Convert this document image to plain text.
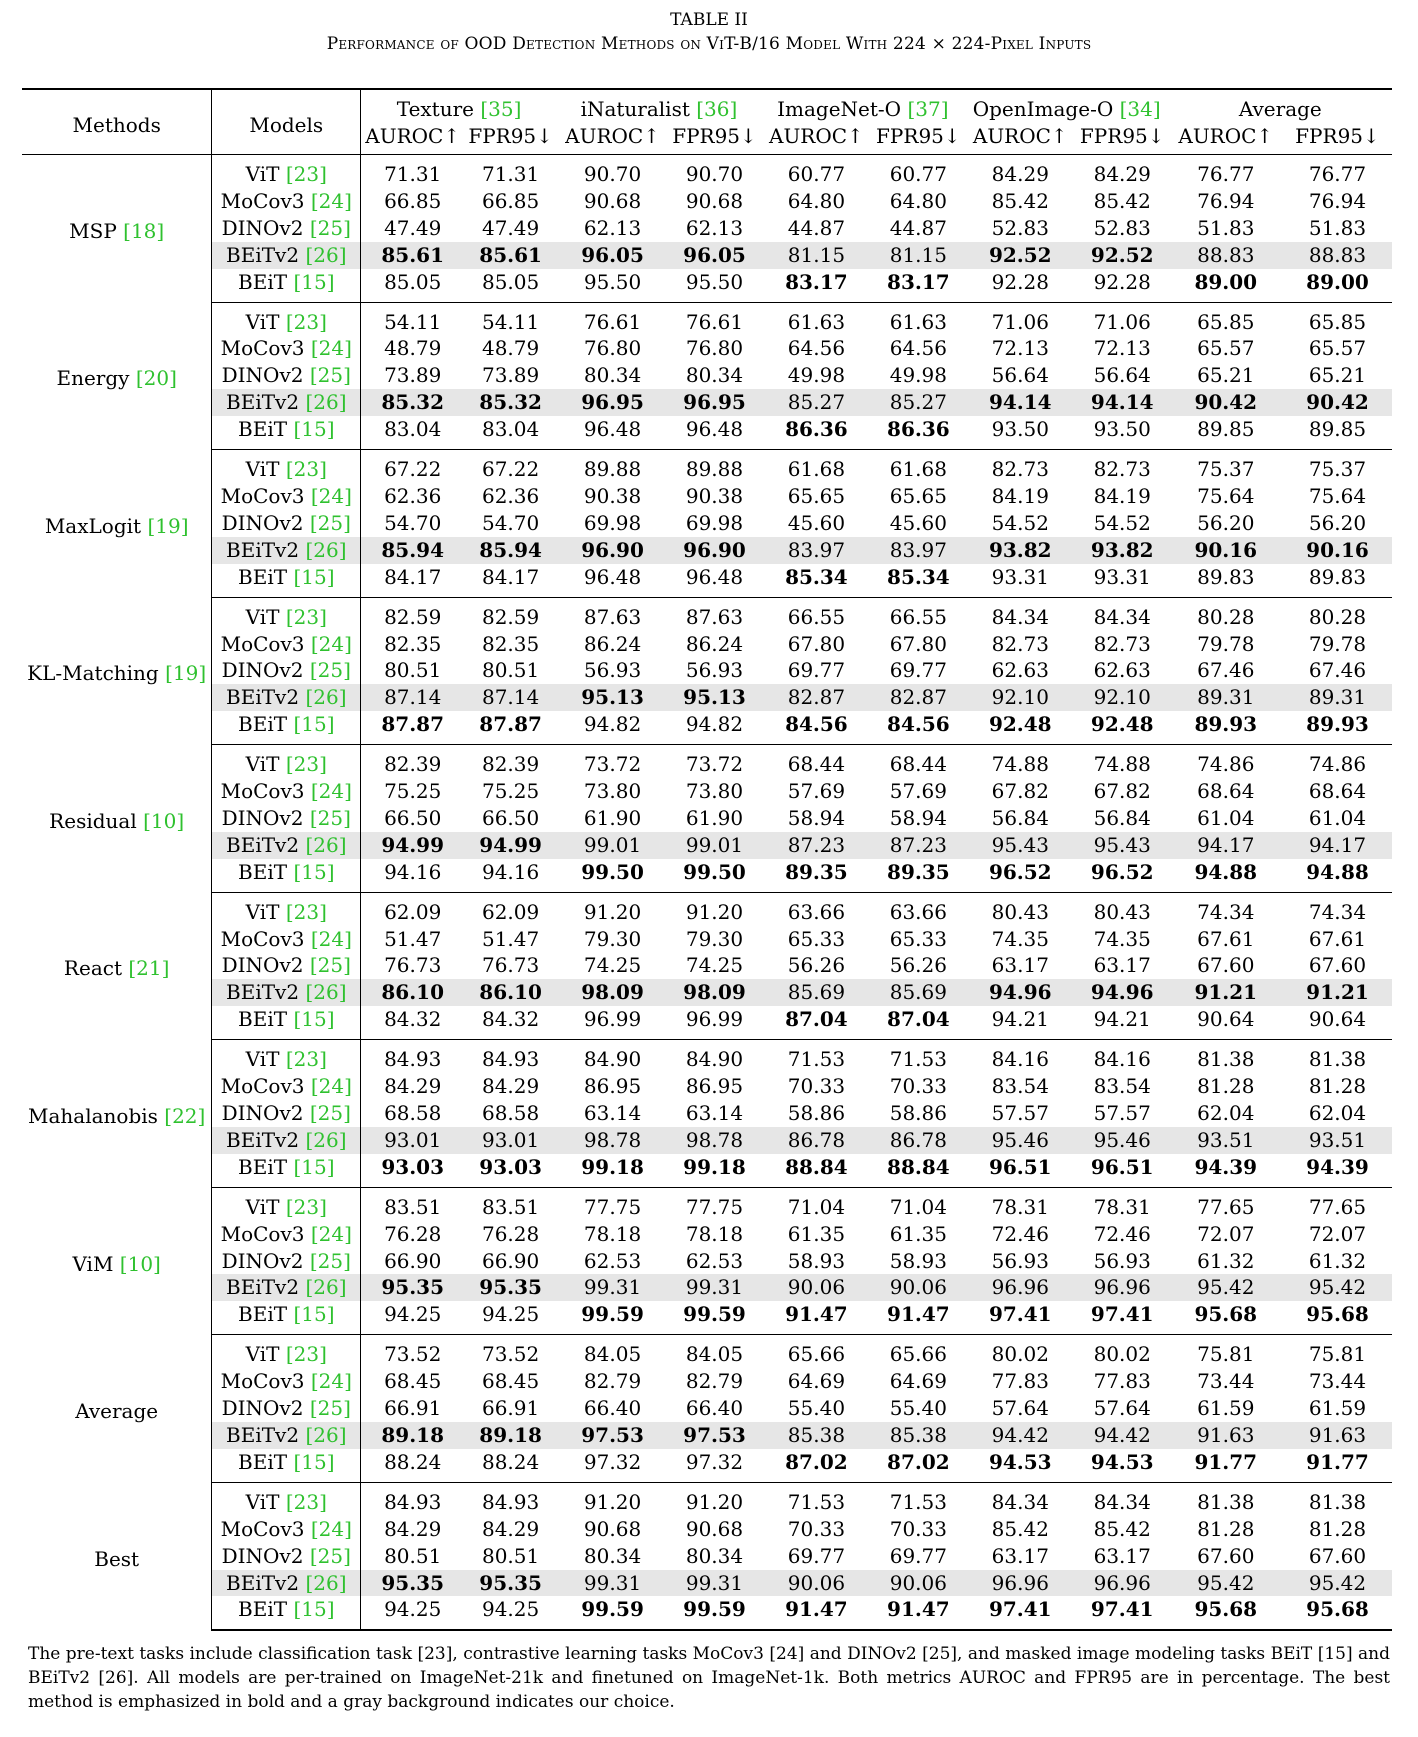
TABLE II
Performance of OOD Detection Methods on ViT-B/16 Model With 224 × 224-Pixel Inputs
Methods	Models	Texture [35]		iNaturalist [36]		ImageNet-O [37]		OpenImage-O [34]		Average	
		AUROC↑	FPR95↓	AUROC↑	FPR95↓	AUROC↑	FPR95↓	AUROC↑	FPR95↓	AUROC↑	FPR95↓
MSP [18]	ViT [23]	71.31	71.31	90.70	90.70	60.77	60.77	84.29	84.29	76.77	76.77
	MoCov3 [24]	66.85	66.85	90.68	90.68	64.80	64.80	85.42	85.42	76.94	76.94
	DINOv2 [25]	47.49	47.49	62.13	62.13	44.87	44.87	52.83	52.83	51.83	51.83
	BEiTv2 [26]	85.61	85.61	96.05	96.05	81.15	81.15	92.52	92.52	88.83	88.83
	BEiT [15]	85.05	85.05	95.50	95.50	83.17	83.17	92.28	92.28	89.00	89.00
Energy [20]	ViT [23]	54.11	54.11	76.61	76.61	61.63	61.63	71.06	71.06	65.85	65.85
	MoCov3 [24]	48.79	48.79	76.80	76.80	64.56	64.56	72.13	72.13	65.57	65.57
	DINOv2 [25]	73.89	73.89	80.34	80.34	49.98	49.98	56.64	56.64	65.21	65.21
	BEiTv2 [26]	85.32	85.32	96.95	96.95	85.27	85.27	94.14	94.14	90.42	90.42
	BEiT [15]	83.04	83.04	96.48	96.48	86.36	86.36	93.50	93.50	89.85	89.85
MaxLogit [19]	ViT [23]	67.22	67.22	89.88	89.88	61.68	61.68	82.73	82.73	75.37	75.37
	MoCov3 [24]	62.36	62.36	90.38	90.38	65.65	65.65	84.19	84.19	75.64	75.64
	DINOv2 [25]	54.70	54.70	69.98	69.98	45.60	45.60	54.52	54.52	56.20	56.20
	BEiTv2 [26]	85.94	85.94	96.90	96.90	83.97	83.97	93.82	93.82	90.16	90.16
	BEiT [15]	84.17	84.17	96.48	96.48	85.34	85.34	93.31	93.31	89.83	89.83
KL-Matching [19]	ViT [23]	82.59	82.59	87.63	87.63	66.55	66.55	84.34	84.34	80.28	80.28
	MoCov3 [24]	82.35	82.35	86.24	86.24	67.80	67.80	82.73	82.73	79.78	79.78
	DINOv2 [25]	80.51	80.51	56.93	56.93	69.77	69.77	62.63	62.63	67.46	67.46
	BEiTv2 [26]	87.14	87.14	95.13	95.13	82.87	82.87	92.10	92.10	89.31	89.31
	BEiT [15]	87.87	87.87	94.82	94.82	84.56	84.56	92.48	92.48	89.93	89.93
Residual [10]	ViT [23]	82.39	82.39	73.72	73.72	68.44	68.44	74.88	74.88	74.86	74.86
	MoCov3 [24]	75.25	75.25	73.80	73.80	57.69	57.69	67.82	67.82	68.64	68.64
	DINOv2 [25]	66.50	66.50	61.90	61.90	58.94	58.94	56.84	56.84	61.04	61.04
	BEiTv2 [26]	94.99	94.99	99.01	99.01	87.23	87.23	95.43	95.43	94.17	94.17
	BEiT [15]	94.16	94.16	99.50	99.50	89.35	89.35	96.52	96.52	94.88	94.88
React [21]	ViT [23]	62.09	62.09	91.20	91.20	63.66	63.66	80.43	80.43	74.34	74.34
	MoCov3 [24]	51.47	51.47	79.30	79.30	65.33	65.33	74.35	74.35	67.61	67.61
	DINOv2 [25]	76.73	76.73	74.25	74.25	56.26	56.26	63.17	63.17	67.60	67.60
	BEiTv2 [26]	86.10	86.10	98.09	98.09	85.69	85.69	94.96	94.96	91.21	91.21
	BEiT [15]	84.32	84.32	96.99	96.99	87.04	87.04	94.21	94.21	90.64	90.64
Mahalanobis [22]	ViT [23]	84.93	84.93	84.90	84.90	71.53	71.53	84.16	84.16	81.38	81.38
	MoCov3 [24]	84.29	84.29	86.95	86.95	70.33	70.33	83.54	83.54	81.28	81.28
	DINOv2 [25]	68.58	68.58	63.14	63.14	58.86	58.86	57.57	57.57	62.04	62.04
	BEiTv2 [26]	93.01	93.01	98.78	98.78	86.78	86.78	95.46	95.46	93.51	93.51
	BEiT [15]	93.03	93.03	99.18	99.18	88.84	88.84	96.51	96.51	94.39	94.39
ViM [10]	ViT [23]	83.51	83.51	77.75	77.75	71.04	71.04	78.31	78.31	77.65	77.65
	MoCov3 [24]	76.28	76.28	78.18	78.18	61.35	61.35	72.46	72.46	72.07	72.07
	DINOv2 [25]	66.90	66.90	62.53	62.53	58.93	58.93	56.93	56.93	61.32	61.32
	BEiTv2 [26]	95.35	95.35	99.31	99.31	90.06	90.06	96.96	96.96	95.42	95.42
	BEiT [15]	94.25	94.25	99.59	99.59	91.47	91.47	97.41	97.41	95.68	95.68
Average	ViT [23]	73.52	73.52	84.05	84.05	65.66	65.66	80.02	80.02	75.81	75.81
	MoCov3 [24]	68.45	68.45	82.79	82.79	64.69	64.69	77.83	77.83	73.44	73.44
	DINOv2 [25]	66.91	66.91	66.40	66.40	55.40	55.40	57.64	57.64	61.59	61.59
	BEiTv2 [26]	89.18	89.18	97.53	97.53	85.38	85.38	94.42	94.42	91.63	91.63
	BEiT [15]	88.24	88.24	97.32	97.32	87.02	87.02	94.53	94.53	91.77	91.77
Best	ViT [23]	84.93	84.93	91.20	91.20	71.53	71.53	84.34	84.34	81.38	81.38
	MoCov3 [24]	84.29	84.29	90.68	90.68	70.33	70.33	85.42	85.42	81.28	81.28
	DINOv2 [25]	80.51	80.51	80.34	80.34	69.77	69.77	63.17	63.17	67.60	67.60
	BEiTv2 [26]	95.35	95.35	99.31	99.31	90.06	90.06	96.96	96.96	95.42	95.42
	BEiT [15]	94.25	94.25	99.59	99.59	91.47	91.47	97.41	97.41	95.68	95.68
The pre-text tasks include classification task [23], contrastive learning tasks MoCov3 [24] and DINOv2 [25], and masked image modeling tasks BEiT [15] and BEiTv2 [26]. All models are per-trained on ImageNet-21k and finetuned on ImageNet-1k. Both metrics AUROC and FPR95 are in percentage. The best method is emphasized in bold and a gray background indicates our choice.
